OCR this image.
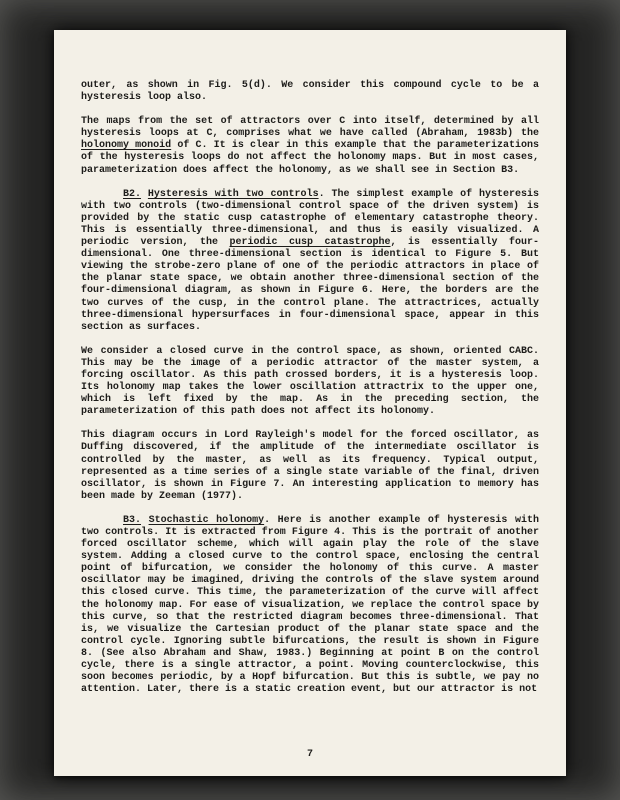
outer, as shown in Fig. 5(d). We consider this compound cycle to be a hysteresis loop also.

The maps from the set of attractors over C into itself, determined by all hysteresis loops at C, comprises what we have called (Abraham, 1983b) the holonomy monoid of C. It is clear in this example that the parameterizations of the hysteresis loops do not affect the holonomy maps. But in most cases, parameterization does affect the holonomy, as we shall see in Section B3.

B2. Hysteresis with two controls. The simplest example of hysteresis with two controls (two-dimensional control space of the driven system) is provided by the static cusp catastrophe of elementary catastrophe theory. This is essentially three-dimensional, and thus is easily visualized. A periodic version, the periodic cusp catastrophe, is essentially four-dimensional. One three-dimensional section is identical to Figure 5. But viewing the strobe-zero plane of one of the periodic attractors in place of the planar state space, we obtain another three-dimensional section of the four-dimensional diagram, as shown in Figure 6. Here, the borders are the two curves of the cusp, in the control plane. The attractrices, actually three-dimensional hypersurfaces in four-dimensional space, appear in this section as surfaces.

We consider a closed curve in the control space, as shown, oriented CABC. This may be the image of a periodic attractor of the master system, a forcing oscillator. As this path crossed borders, it is a hysteresis loop. Its holonomy map takes the lower oscillation attractrix to the upper one, which is left fixed by the map. As in the preceding section, the parameterization of this path does not affect its holonomy.

This diagram occurs in Lord Rayleigh's model for the forced oscillator, as Duffing discovered, if the amplitude of the intermediate oscillator is controlled by the master, as well as its frequency. Typical output, represented as a time series of a single state variable of the final, driven oscillator, is shown in Figure 7. An interesting application to memory has been made by Zeeman (1977).

B3. Stochastic holonomy. Here is another example of hysteresis with two controls. It is extracted from Figure 4. This is the portrait of another forced oscillator scheme, which will again play the role of the slave system. Adding a closed curve to the control space, enclosing the central point of bifurcation, we consider the holonomy of this curve. A master oscillator may be imagined, driving the controls of the slave system around this closed curve. This time, the parameterization of the curve will affect the holonomy map. For ease of visualization, we replace the control space by this curve, so that the restricted diagram becomes three-dimensional. That is, we visualize the Cartesian product of the planar state space and the control cycle. Ignoring subtle bifurcations, the result is shown in Figure 8. (See also Abraham and Shaw, 1983.) Beginning at point B on the control cycle, there is a single attractor, a point. Moving counterclockwise, this soon becomes periodic, by a Hopf bifurcation. But this is subtle, we pay no attention. Later, there is a static creation event, but our attractor is not

7
